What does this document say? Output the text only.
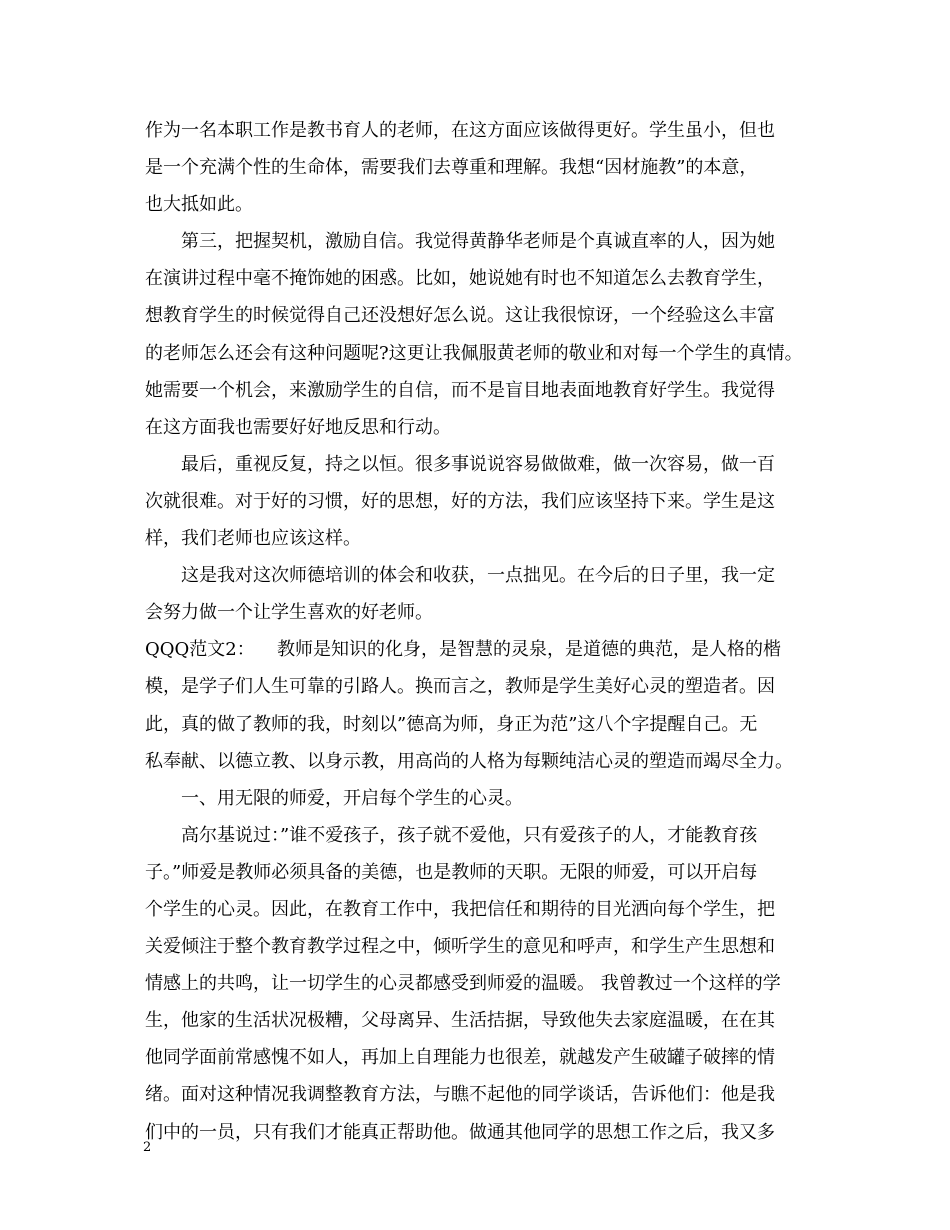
作为一名本职工作是教书育人的老师，在这方面应该做得更好。学生虽小，但也
是一个充满个性的生命体，需要我们去尊重和理解。我想“因材施教”的本意，
也大抵如此。
第三，把握契机，激励自信。我觉得黄静华老师是个真诚直率的人，因为她
在演讲过程中毫不掩饰她的困惑。比如，她说她有时也不知道怎么去教育学生，
想教育学生的时候觉得自己还没想好怎么说。这让我很惊讶，一个经验这么丰富
的老师怎么还会有这种问题呢?这更让我佩服黄老师的敬业和对每一个学生的真情。
她需要一个机会，来激励学生的自信，而不是盲目地表面地教育好学生。我觉得
在这方面我也需要好好地反思和行动。
最后，重视反复，持之以恒。很多事说说容易做做难，做一次容易，做一百
次就很难。对于好的习惯，好的思想，好的方法，我们应该坚持下来。学生是这
样，我们老师也应该这样。
这是我对这次师德培训的体会和收获，一点拙见。在今后的日子里，我一定
会努力做一个让学生喜欢的好老师。
QQQ范文2： 教师是知识的化身，是智慧的灵泉，是道德的典范，是人格的楷
模，是学子们人生可靠的引路人。换而言之，教师是学生美好心灵的塑造者。因
此，真的做了教师的我，时刻以”德高为师，身正为范”这八个字提醒自己。无
私奉献、以德立教、以身示教，用高尚的人格为每颗纯洁心灵的塑造而竭尽全力。
一、用无限的师爱，开启每个学生的心灵。
高尔基说过：”谁不爱孩子，孩子就不爱他，只有爱孩子的人，才能教育孩
子。”师爱是教师必须具备的美德，也是教师的天职。无限的师爱，可以开启每
个学生的心灵。因此，在教育工作中，我把信任和期待的目光洒向每个学生，把
关爱倾注于整个教育教学过程之中，倾听学生的意见和呼声，和学生产生思想和
情感上的共鸣，让一切学生的心灵都感受到师爱的温暖。 我曾教过一个这样的学
生，他家的生活状况极糟，父母离异、生活拮据，导致他失去家庭温暖，在在其
他同学面前常感愧不如人，再加上自理能力也很差，就越发产生破罐子破摔的情
绪。面对这种情况我调整教育方法，与瞧不起他的同学谈话，告诉他们：他是我
们中的一员，只有我们才能真正帮助他。做通其他同学的思想工作之后，我又多
2
